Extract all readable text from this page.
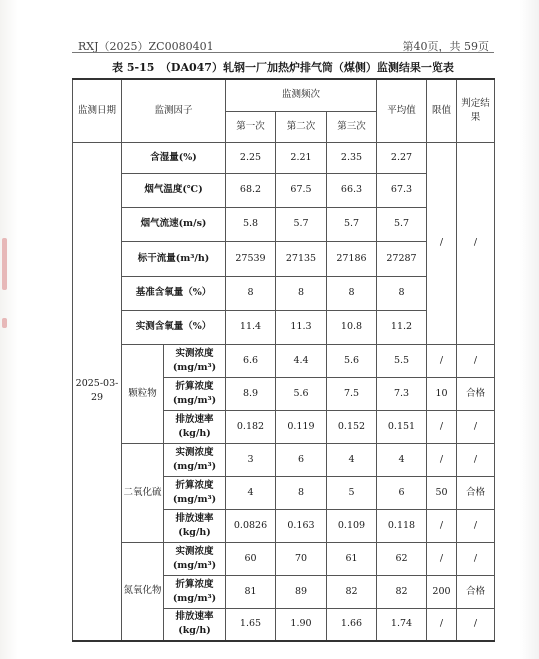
RXJ（2025）ZC0080401	第40页，共 59页
表 5-15　（DA047）轧钢一厂加热炉排气筒（煤侧）监测结果一览表
监测日期	监测因子		监测频次			平均值	限值	判定结果
			第一次	第二次	第三次			
2025-03-29	含湿量(%)		2.25	2.21	2.35	2.27	/	/
	烟气温度(℃)		68.2	67.5	66.3	67.3		
	烟气流速(m/s)		5.8	5.7	5.7	5.7		
	标干流量(m³/h)		27539	27135	27186	27287		
	基准含氧量（%）		8	8	8	8		
	实测含氧量（%）		11.4	11.3	10.8	11.2		
	颗粒物	实测浓度(mg/m³)	6.6	4.4	5.6	5.5	/	/
		折算浓度(mg/m³)	8.9	5.6	7.5	7.3	10	合格
		排放速率(kg/h)	0.182	0.119	0.152	0.151	/	/
	二氧化硫	实测浓度(mg/m³)	3	6	4	4	/	/
		折算浓度(mg/m³)	4	8	5	6	50	合格
		排放速率(kg/h)	0.0826	0.163	0.109	0.118	/	/
	氮氧化物	实测浓度(mg/m³)	60	70	61	62	/	/
		折算浓度(mg/m³)	81	89	82	82	200	合格
		排放速率(kg/h)	1.65	1.90	1.66	1.74	/	/
